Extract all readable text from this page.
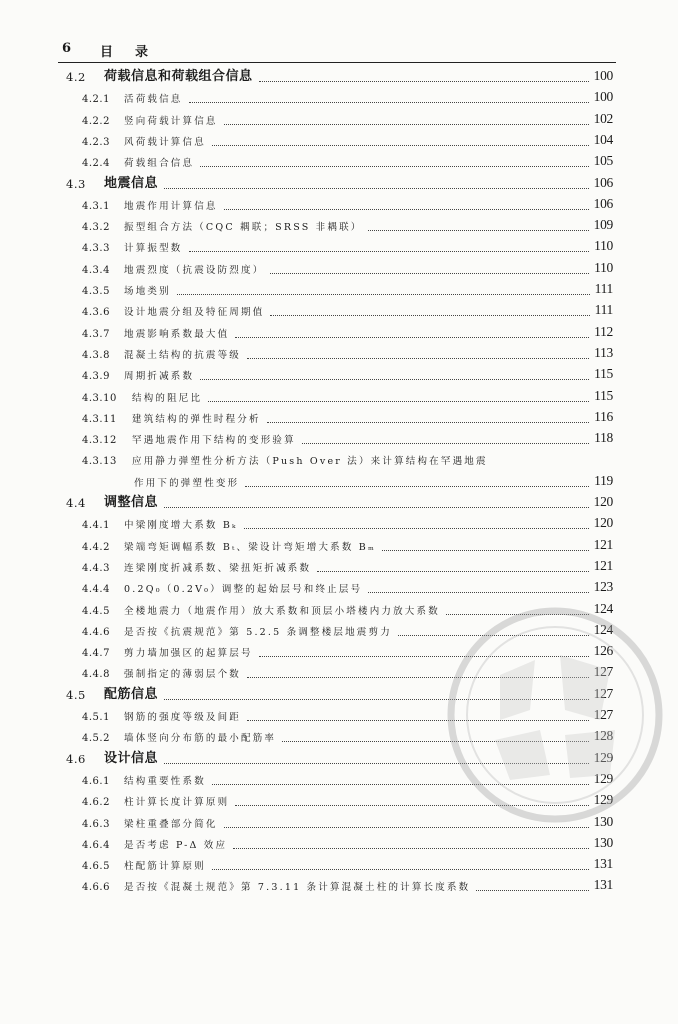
6 目录
4.2 荷载信息和荷载组合信息	100
4.2.1 活荷载信息	100
4.2.2 竖向荷载计算信息	102
4.2.3 风荷载计算信息	104
4.2.4 荷载组合信息	105
4.3 地震信息	106
4.3.1 地震作用计算信息	106
4.3.2 振型组合方法（CQC 耦联；SRSS 非耦联）	109
4.3.3 计算振型数	110
4.3.4 地震烈度（抗震设防烈度）	110
4.3.5 场地类别	111
4.3.6 设计地震分组及特征周期值	111
4.3.7 地震影响系数最大值	112
4.3.8 混凝土结构的抗震等级	113
4.3.9 周期折减系数	115
4.3.10 结构的阻尼比	115
4.3.11 建筑结构的弹性时程分析	116
4.3.12 罕遇地震作用下结构的变形验算	118
4.3.13 应用静力弹塑性分析方法（Push Over 法）来计算结构在罕遇地震
作用下的弹塑性变形	119
4.4 调整信息	120
4.4.1 中梁刚度增大系数 Bₖ	120
4.4.2 梁端弯矩调幅系数 Bₜ、梁设计弯矩增大系数 Bₘ	121
4.4.3 连梁刚度折减系数、梁扭矩折减系数	121
4.4.4 0.2Q₀（0.2V₀）调整的起始层号和终止层号	123
4.4.5 全楼地震力（地震作用）放大系数和顶层小塔楼内力放大系数	124
4.4.6 是否按《抗震规范》第 5.2.5 条调整楼层地震剪力	124
4.4.7 剪力墙加强区的起算层号	126
4.4.8 强制指定的薄弱层个数	127
4.5 配筋信息	127
4.5.1 钢筋的强度等级及间距	127
4.5.2 墙体竖向分布筋的最小配筋率	128
4.6 设计信息	129
4.6.1 结构重要性系数	129
4.6.2 柱计算长度计算原则	129
4.6.3 梁柱重叠部分简化	130
4.6.4 是否考虑 P-Δ 效应	130
4.6.5 柱配筋计算原则	131
4.6.6 是否按《混凝土规范》第 7.3.11 条计算混凝土柱的计算长度系数	131
